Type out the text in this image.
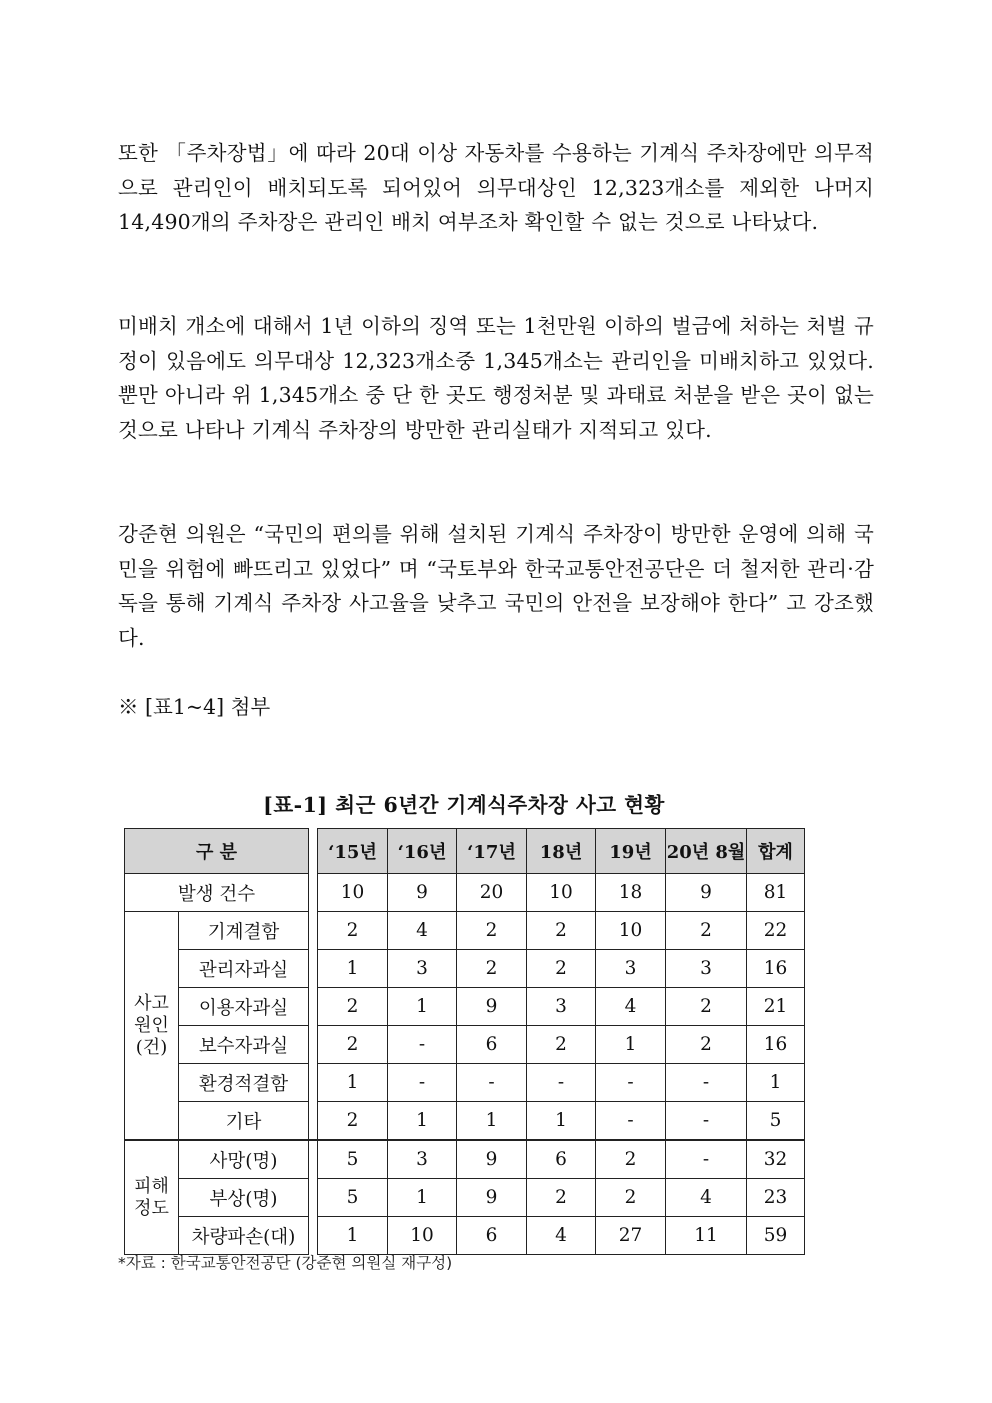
또한 「주차장법」에 따라 20대 이상 자동차를 수용하는 기계식 주차장에만 의무적으로 관리인이 배치되도록 되어있어 의무대상인 12,323개소를 제외한 나머지 14,490개의 주차장은 관리인 배치 여부조차 확인할 수 없는 것으로 나타났다.
미배치 개소에 대해서 1년 이하의 징역 또는 1천만원 이하의 벌금에 처하는 처벌 규정이 있음에도 의무대상 12,323개소중 1,345개소는 관리인을 미배치하고 있었다. 뿐만 아니라 위 1,345개소 중 단 한 곳도 행정처분 및 과태료 처분을 받은 곳이 없는 것으로 나타나 기계식 주차장의 방만한 관리실태가 지적되고 있다.
강준현 의원은 “국민의 편의를 위해 설치된 기계식 주차장이 방만한 운영에 의해 국민을 위험에 빠뜨리고 있었다” 며 “국토부와 한국교통안전공단은 더 철저한 관리·감독을 통해 기계식 주차장 사고율을 낮추고 국민의 안전을 보장해야 한다” 고 강조했다.
※ [표1~4] 첨부
[표-1] 최근 6년간 기계식주차장 사고 현황
구 분			‘15년	‘16년	‘17년	18년	19년	20년 8월	합계
발생 건수			10	9	20	10	18	9	81

사고
원인
(건)	기계결함		2	4	2	2	10	2	22
	관리자과실		1	3	2	2	3	3	16
	이용자과실		2	1	9	3	4	2	21
	보수자과실		2	-	6	2	1	2	16
	환경적결함		1	-	-	-	-	-	1
	기타		2	1	1	1	-	-	5

피해
정도	사망(명)		5	3	9	6	2	-	32
	부상(명)		5	1	9	2	2	4	23
	차량파손(대)		1	10	6	4	27	11	59
*자료 : 한국교통안전공단 (강준현 의원실 재구성)
